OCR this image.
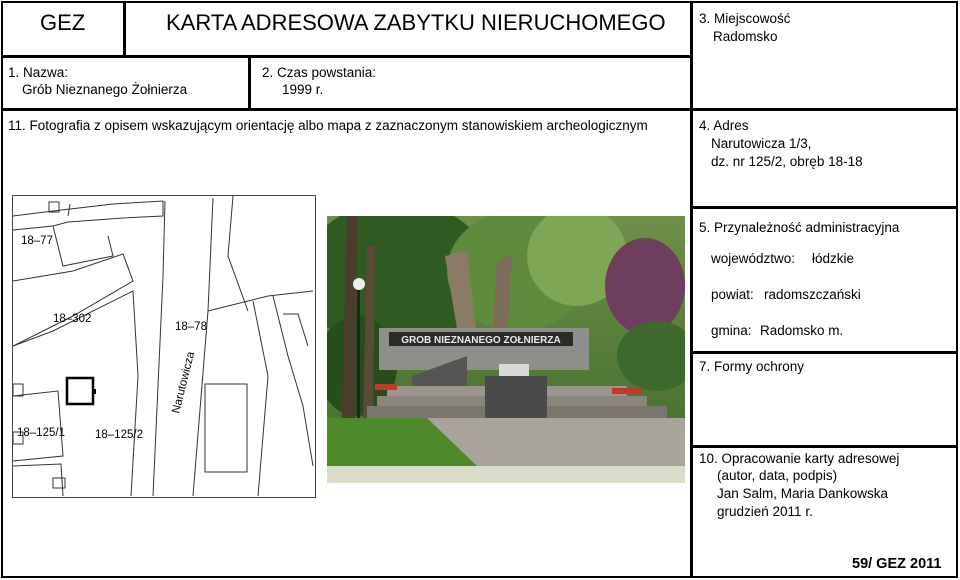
GEZ	KARTA ADRESOWA ZABYTKU NIERUCHOMEGO 3. Miejscowość
Radomsko
1. Nazwa:
Grób Nieznanego Żołnierza
2. Czas powstania:
1999 r.
11. Fotografia z opisem wskazującym orientację albo mapa z zaznaczonym stanowiskiem archeologicznym	4. Adres
Narutowicza 1/3,
dz. nr 125/2, obręb 18-18
5. Przynależność administracyjna
województwo: łódzkie
powiat: radomszczański
gmina: Radomsko m.
7. Formy ochrony
10. Opracowanie karty adresowej
(autor, data, podpis)
Jan Salm, Maria Dankowska
grudzień 2011 r.
59/ GEZ 2011
18–77
18–302
18–78
Narutowicza
18–125/1	18–125/2
GROB NIEZNANEGO ZOŁNIERZA
